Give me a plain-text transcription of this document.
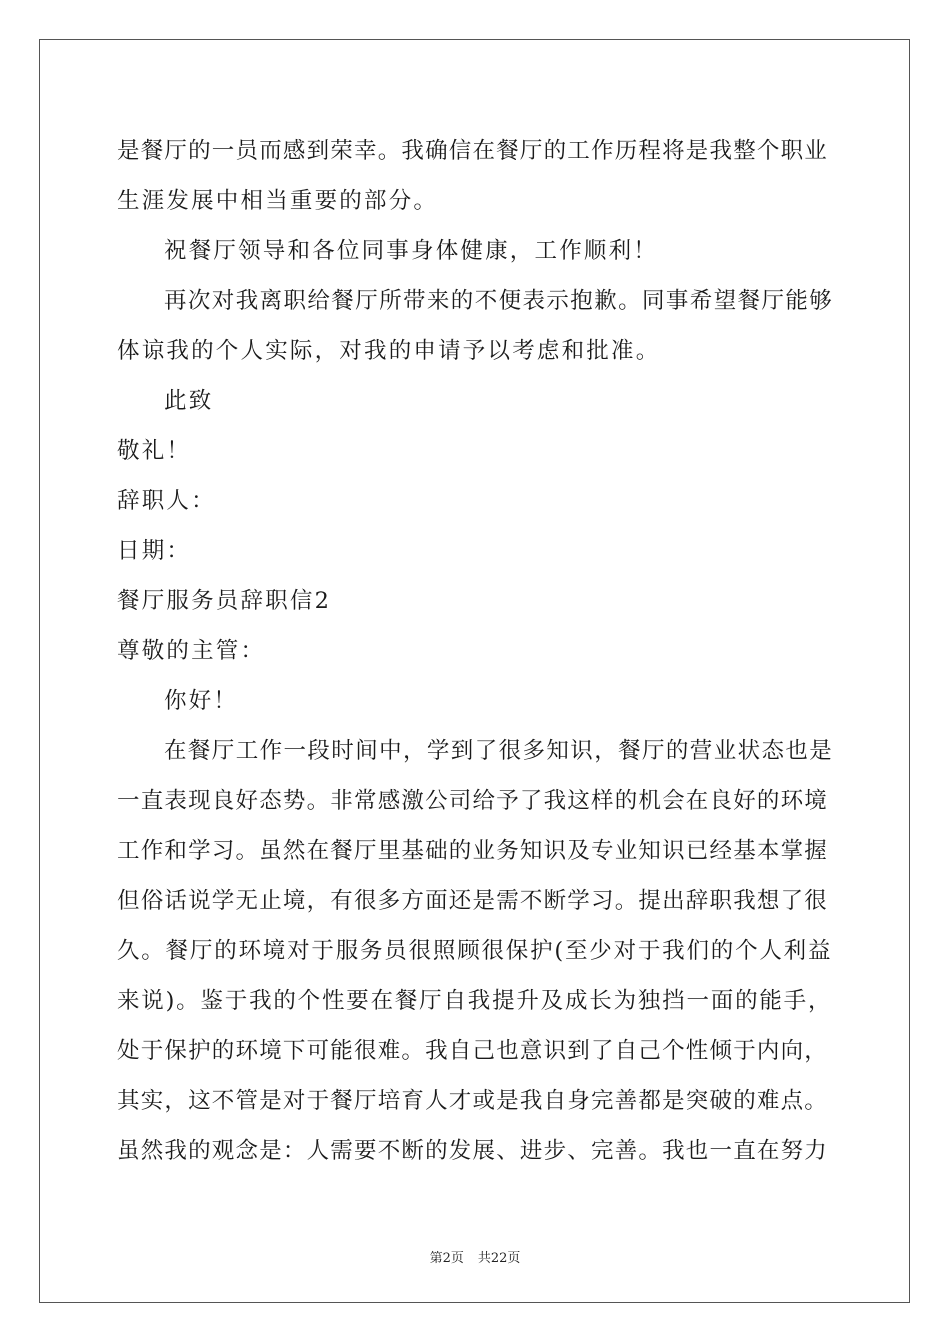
是餐厅的一员而感到荣幸。我确信在餐厅的工作历程将是我整个职业
生涯发展中相当重要的部分。
祝餐厅领导和各位同事身体健康，工作顺利！
再次对我离职给餐厅所带来的不便表示抱歉。同事希望餐厅能够
体谅我的个人实际，对我的申请予以考虑和批准。
此致
敬礼！
辞职人：
日期：
餐厅服务员辞职信2
尊敬的主管：
你好！
在餐厅工作一段时间中，学到了很多知识，餐厅的营业状态也是
一直表现良好态势。非常感激公司给予了我这样的机会在良好的环境
工作和学习。虽然在餐厅里基础的业务知识及专业知识已经基本掌握
但俗话说学无止境，有很多方面还是需不断学习。提出辞职我想了很
久。餐厅的环境对于服务员很照顾很保护(至少对于我们的个人利益
来说)。鉴于我的个性要在餐厅自我提升及成长为独挡一面的能手，
处于保护的环境下可能很难。我自己也意识到了自己个性倾于内向，
其实，这不管是对于餐厅培育人才或是我自身完善都是突破的难点。
虽然我的观念是：人需要不断的发展、进步、完善。我也一直在努力
第2页 共22页
